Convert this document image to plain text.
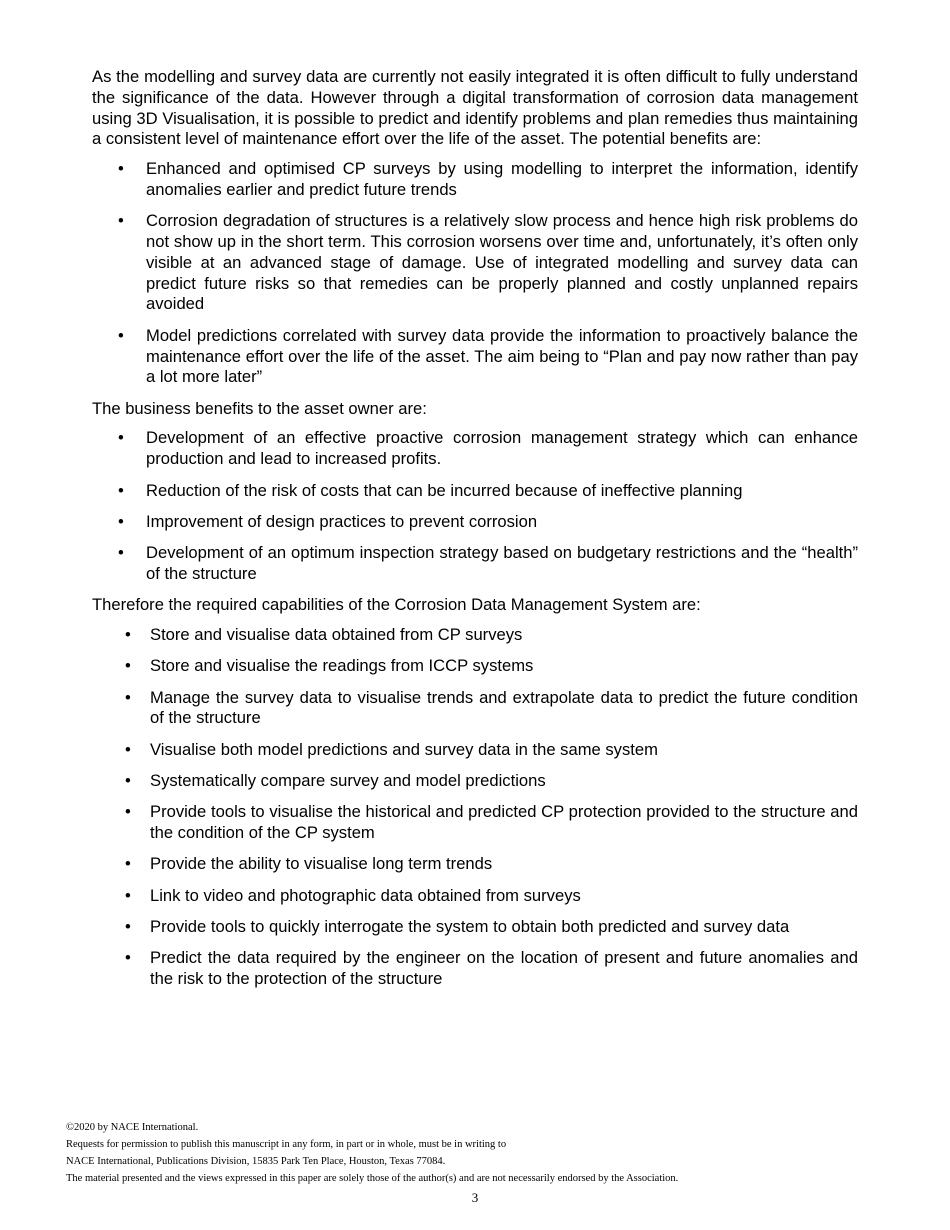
As the modelling and survey data are currently not easily integrated it is often difficult to fully understand the significance of the data. However through a digital transformation of corrosion data management using 3D Visualisation, it is possible to predict and identify problems and plan remedies thus maintaining a consistent level of maintenance effort over the life of the asset. The potential benefits are:

• Enhanced and optimised CP surveys by using modelling to interpret the information, identify anomalies earlier and predict future trends
• Corrosion degradation of structures is a relatively slow process and hence high risk problems do not show up in the short term. This corrosion worsens over time and, unfortunately, it’s often only visible at an advanced stage of damage. Use of integrated modelling and survey data can predict future risks so that remedies can be properly planned and costly unplanned repairs avoided
• Model predictions correlated with survey data provide the information to proactively balance the maintenance effort over the life of the asset. The aim being to “Plan and pay now rather than pay a lot more later”

The business benefits to the asset owner are:

• Development of an effective proactive corrosion management strategy which can enhance production and lead to increased profits.
• Reduction of the risk of costs that can be incurred because of ineffective planning
• Improvement of design practices to prevent corrosion
• Development of an optimum inspection strategy based on budgetary restrictions and the “health” of the structure

Therefore the required capabilities of the Corrosion Data Management System are:

• Store and visualise data obtained from CP surveys
• Store and visualise the readings from ICCP systems
• Manage the survey data to visualise trends and extrapolate data to predict the future condition of the structure
• Visualise both model predictions and survey data in the same system
• Systematically compare survey and model predictions
• Provide tools to visualise the historical and predicted CP protection provided to the structure and the condition of the CP system
• Provide the ability to visualise long term trends
• Link to video and photographic data obtained from surveys
• Provide tools to quickly interrogate the system to obtain both predicted and survey data
• Predict the data required by the engineer on the location of present and future anomalies and the risk to the protection of the structure
©2020 by NACE International.
Requests for permission to publish this manuscript in any form, in part or in whole, must be in writing to
NACE International, Publications Division, 15835 Park Ten Place, Houston, Texas 77084.
The material presented and the views expressed in this paper are solely those of the author(s) and are not necessarily endorsed by the Association.
3
